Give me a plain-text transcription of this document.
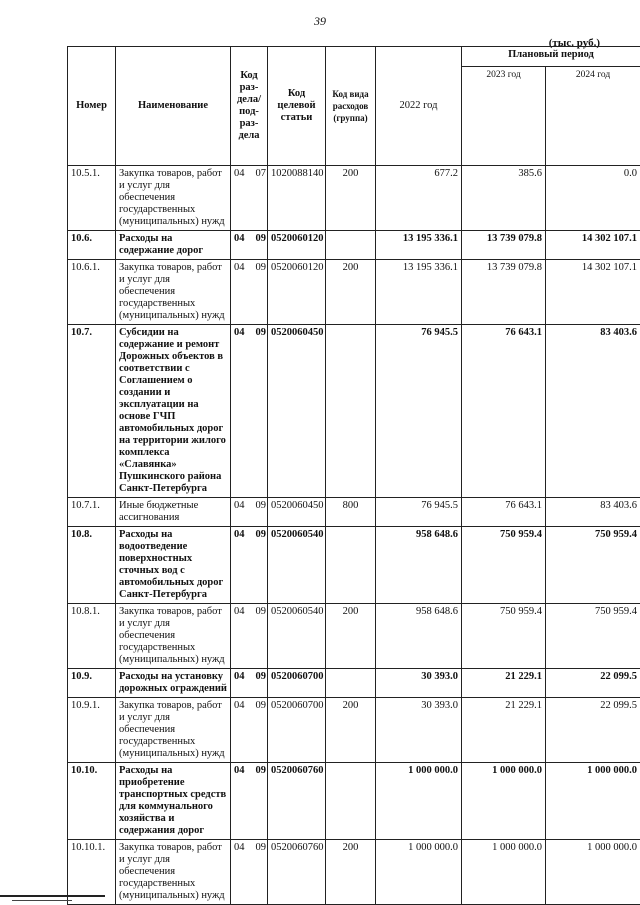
39
(тыс. руб.)
Номер	Наименование	Код раз-дела/ под-раз-дела	Код целевой статьи	Код вида расходов (группа)	2022 год	Плановый период	
						2023 год	2024 год
10.5.1.	Закупка товаров, работ и услуг для обеспечения государственных (муниципальных) нужд	04 07	1020088140	200	677.2	385.6	0.0
10.6.	Расходы на содержание дорог	04 09	0520060120		13 195 336.1	13 739 079.8	14 302 107.1
10.6.1.	Закупка товаров, работ и услуг для обеспечения государственных (муниципальных) нужд	04 09	0520060120	200	13 195 336.1	13 739 079.8	14 302 107.1
10.7.	Субсидии на содержание и ремонт Дорожных объектов в соответствии с Соглашением о создании и эксплуатации на основе ГЧП автомобильных дорог на территории жилого комплекса «Славянка» Пушкинского района Санкт-Петербурга	04 09	0520060450		76 945.5	76 643.1	83 403.6
10.7.1.	Иные бюджетные ассигнования	04 09	0520060450	800	76 945.5	76 643.1	83 403.6
10.8.	Расходы на водоотведение поверхностных сточных вод с автомобильных дорог Санкт-Петербурга	04 09	0520060540		958 648.6	750 959.4	750 959.4
10.8.1.	Закупка товаров, работ и услуг для обеспечения государственных (муниципальных) нужд	04 09	0520060540	200	958 648.6	750 959.4	750 959.4
10.9.	Расходы на установку дорожных ограждений	04 09	0520060700		30 393.0	21 229.1	22 099.5
10.9.1.	Закупка товаров, работ и услуг для обеспечения государственных (муниципальных) нужд	04 09	0520060700	200	30 393.0	21 229.1	22 099.5
10.10.	Расходы на приобретение транспортных средств для коммунального хозяйства и содержания дорог	04 09	0520060760		1 000 000.0	1 000 000.0	1 000 000.0
10.10.1.	Закупка товаров, работ и услуг для обеспечения государственных (муниципальных) нужд	04 09	0520060760	200	1 000 000.0	1 000 000.0	1 000 000.0
